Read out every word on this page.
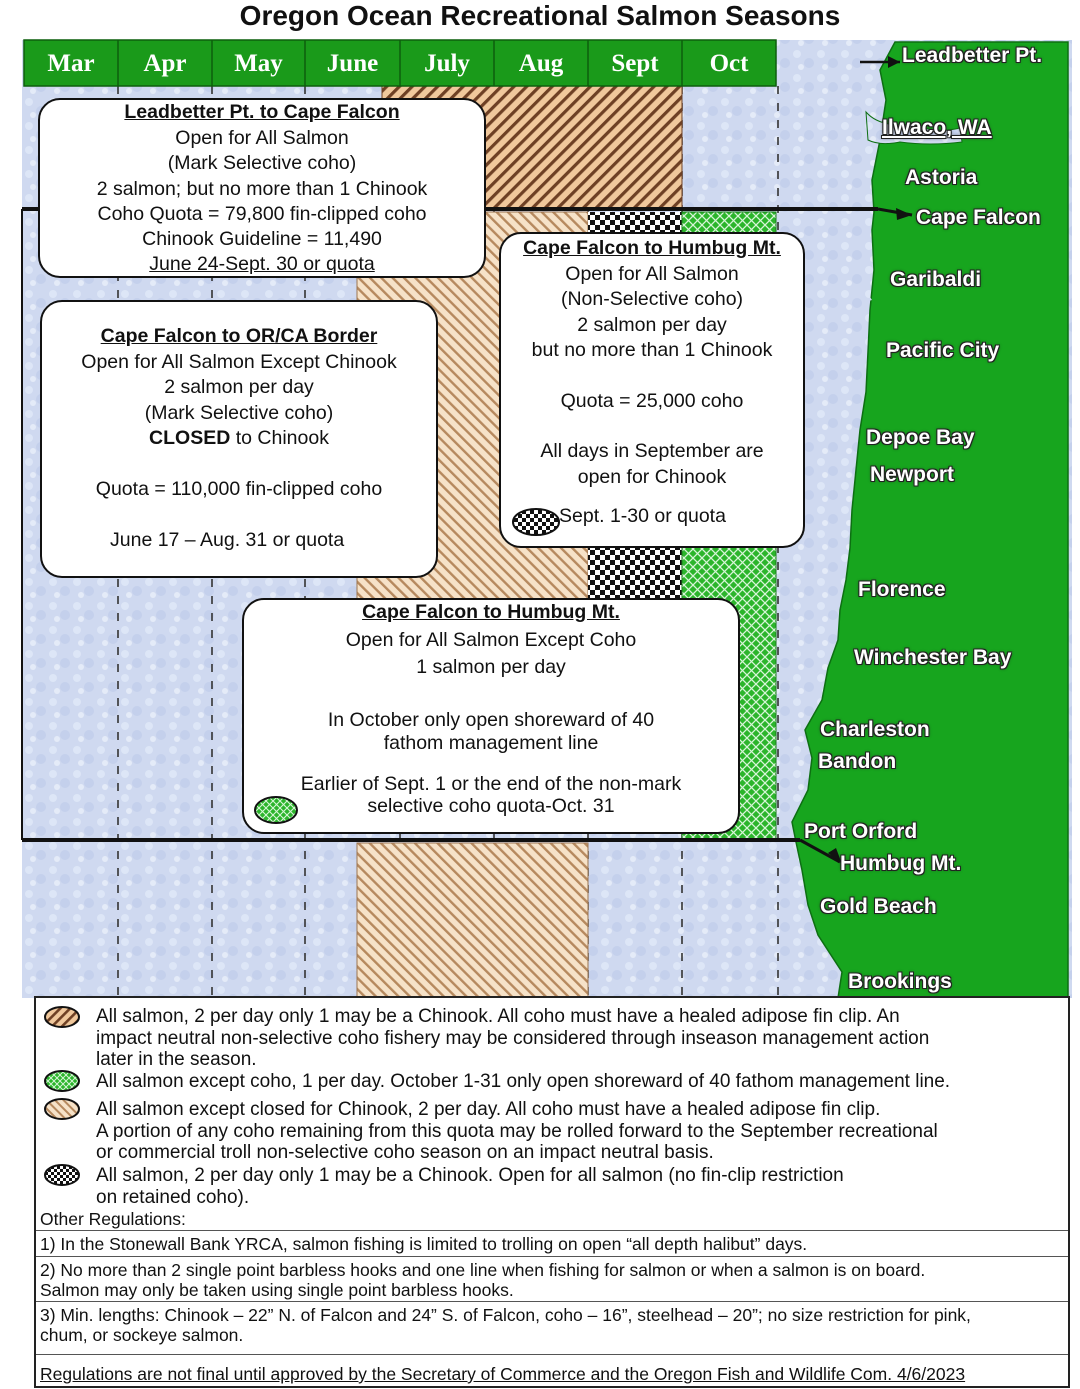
Oregon Ocean Recreational Salmon Seasons
Mar	Apr	May	June	July	Aug	Sept	Oct
Leadbetter Pt. to Cape Falcon
Open for All Salmon
(Mark Selective coho)
2 salmon; but no more than 1 Chinook
Coho Quota = 79,800 fin-clipped coho
Chinook Guideline = 11,490
June 24-Sept. 30 or quota
Cape Falcon to OR/CA Border
Open for All Salmon Except Chinook
2 salmon per day
(Mark Selective coho)
CLOSED to Chinook
Quota = 110,000 fin-clipped coho
June 17 – Aug. 31 or quota
Cape Falcon to Humbug Mt.
Open for All Salmon
(Non-Selective coho)
2 salmon per day
but no more than 1 Chinook
Quota = 25,000 coho
All days in September are
open for Chinook
Sept. 1-30 or quota
Cape Falcon to Humbug Mt.
Open for All Salmon Except Coho
1 salmon per day
In October only open shoreward of 40
fathom management line
Earlier of Sept. 1 or the end of the non-mark
selective coho quota-Oct. 31
Leadbetter Pt.
Ilwaco, WA
Astoria
Cape Falcon
Garibaldi
Pacific City
Depoe Bay
Newport
Florence
Winchester Bay
Charleston
Bandon
Port Orford
Humbug Mt.
Gold Beach
Brookings
All salmon, 2 per day only 1 may be a Chinook. All coho must have a healed adipose fin clip. An
impact neutral non-selective coho fishery may be considered through inseason management action
later in the season.
All salmon except coho, 1 per day. October 1-31 only open shoreward of 40 fathom management line.
All salmon except closed for Chinook, 2 per day. All coho must have a healed adipose fin clip.
A portion of any coho remaining from this quota may be rolled forward to the September recreational
or commercial troll non-selective coho season on an impact neutral basis.
All salmon, 2 per day only 1 may be a Chinook. Open for all salmon (no fin-clip restriction
on retained coho).
Other Regulations:
1) In the Stonewall Bank YRCA, salmon fishing is limited to trolling on open “all depth halibut” days.
2) No more than 2 single point barbless hooks and one line when fishing for salmon or when a salmon is on board.
Salmon may only be taken using single point barbless hooks.
3) Min. lengths: Chinook – 22” N. of Falcon and 24” S. of Falcon, coho – 16”, steelhead – 20”; no size restriction for pink,
chum, or sockeye salmon.
Regulations are not final until approved by the Secretary of Commerce and the Oregon Fish and Wildlife Com. 4/6/2023
